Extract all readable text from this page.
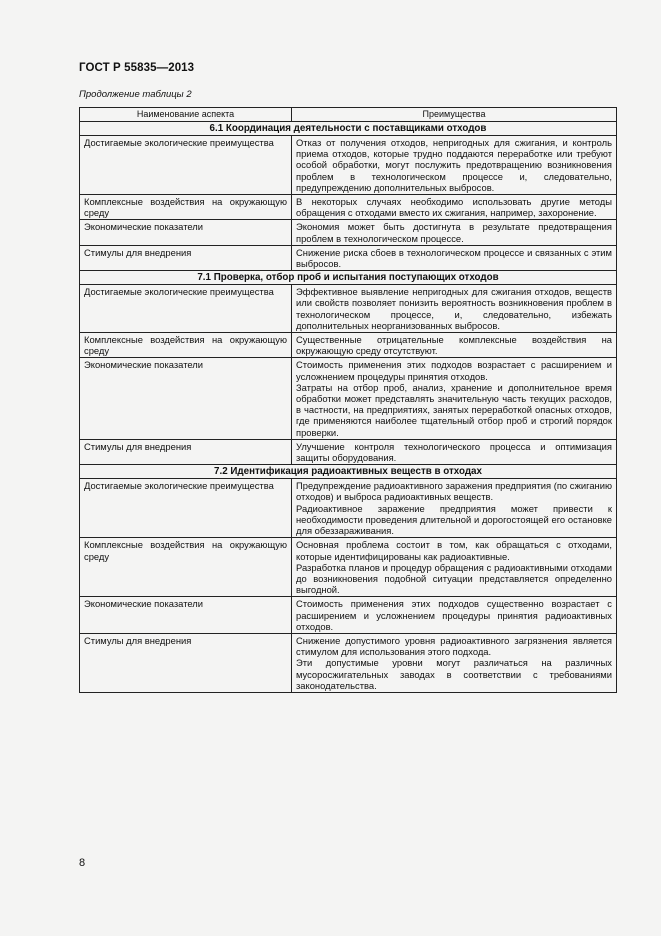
ГОСТ Р 55835—2013
Продолжение таблицы 2
Наименование аспекта	Преимущества
6.1 Координация деятельности с поставщиками отходов	
Достигаемые экологические преимущества	Отказ от получения отходов, непригодных для сжигания, и контроль приема отходов, которые трудно поддаются переработке или требуют особой обработки, могут послужить предотвращению возникновения проблем в технологическом процессе и, следовательно, предупреждению дополнительных выбросов.

Комплексные воздействия на окружающую среду	В некоторых случаях необходимо использовать другие методы обращения с отходами вместо их сжигания, например, захоронение.

Экономические показатели	Экономия может быть достигнута в результате предотвращения проблем в технологическом процессе.

Стимулы для внедрения	Снижение риска сбоев в технологическом процессе и связанных с этим выбросов.

7.1 Проверка, отбор проб и испытания поступающих отходов	
Достигаемые экологические преимущества	Эффективное выявление непригодных для сжигания отходов, веществ или свойств позволяет понизить вероятность возникновения проблем в технологическом процессе, и, следовательно, избежать дополнительных неорганизованных выбросов.

Комплексные воздействия на окружающую среду	Существенные отрицательные комплексные воздействия на окружающую среду отсутствуют.

Экономические показатели	Стоимость применения этих подходов возрастает с расширением и усложнением процедуры принятия отходов.
Затраты на отбор проб, анализ, хранение и дополнительное время обработки может представлять значительную часть текущих расходов, в частности, на предприятиях, занятых переработкой опасных отходов, где применяются наиболее тщательный отбор проб и строгий порядок проверки.

Стимулы для внедрения	Улучшение контроля технологического процесса и оптимизация защиты оборудования.

7.2 Идентификация радиоактивных веществ в отходах	
Достигаемые экологические преимущества	Предупреждение радиоактивного заражения предприятия (по сжиганию отходов) и выброса радиоактивных веществ.
Радиоактивное заражение предприятия может привести к необходимости проведения длительной и дорогостоящей его остановке для обеззараживания.

Комплексные воздействия на окружающую среду	Основная проблема состоит в том, как обращаться с отходами, которые идентифицированы как радиоактивные.
Разработка планов и процедур обращения с радиоактивными отходами до возникновения подобной ситуации представляется определенно выгодной.

Экономические показатели	Стоимость применения этих подходов существенно возрастает с расширением и усложнением процедуры принятия радиоактивных отходов.

Стимулы для внедрения	Снижение допустимого уровня радиоактивного загрязнения является стимулом для использования этого подхода.
Эти допустимые уровни могут различаться на различных мусоросжигательных заводах в соответствии с требованиями законодательства.
8
